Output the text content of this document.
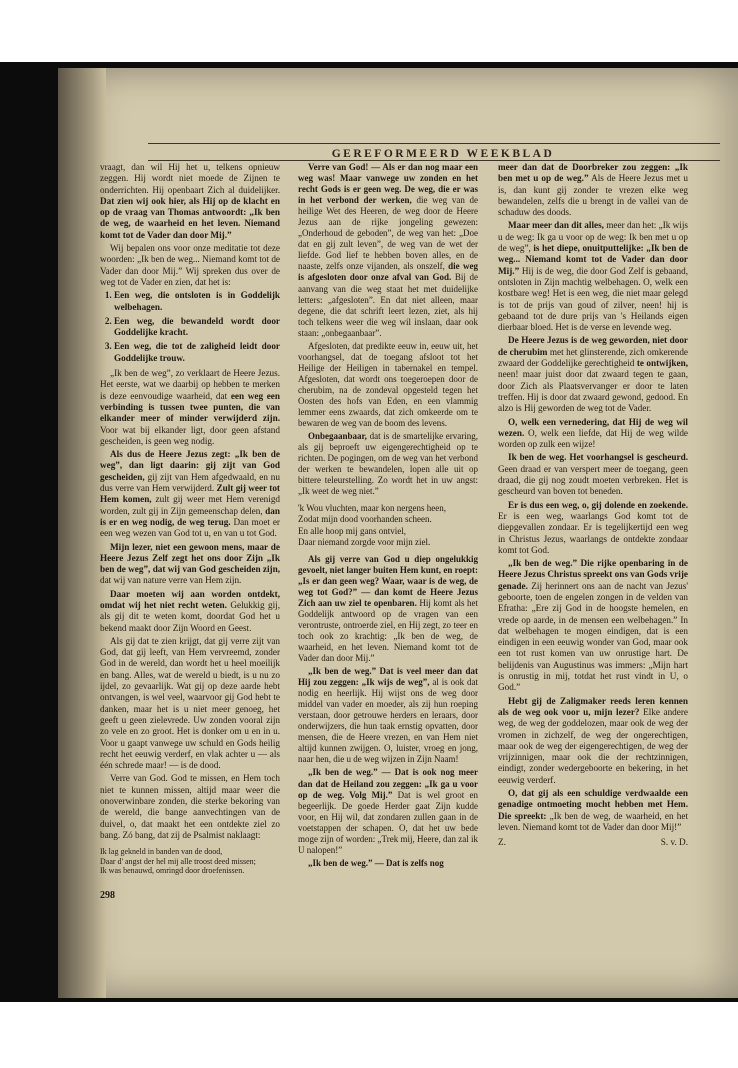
GEREFORMEERD WEEKBLAD

vraagt, dan wil Hij het u, telkens opnieuw zeggen. Hij wordt niet moede de Zijnen te onderrichten. Hij openbaart Zich al duidelijker. Dat zien wij ook hier, als Hij op de klacht en op de vraag van Thomas antwoordt: „Ik ben de weg, de waarheid en het leven. Niemand komt tot de Vader dan door Mij.”

Wij bepalen ons voor onze meditatie tot deze woorden: „Ik ben de weg... Niemand komt tot de Vader dan door Mij.” Wij spreken dus over de weg tot de Vader en zien, dat het is:

1. Een weg, die ontsloten is in Goddelijk welbehagen.
2. Een weg, die bewandeld wordt door Goddelijke kracht.
3. Een weg, die tot de zaligheid leidt door Goddelijke trouw.

„Ik ben de weg”, zo verklaart de Heere Jezus. Het eerste, wat we daarbij op hebben te merken is deze eenvoudige waarheid, dat een weg een verbinding is tussen twee punten, die van elkander meer of minder verwijderd zijn. Voor wat bij elkander ligt, door geen afstand gescheiden, is geen weg nodig.

Als dus de Heere Jezus zegt: „Ik ben de weg”, dan ligt daarin: gij zijt van God gescheiden, gij zijt van Hem afgedwaald, en nu dus verre van Hem verwijderd. Zult gij weer tot Hem komen, zult gij weer met Hem verenigd worden, zult gij in Zijn gemeenschap delen, dan is er en weg nodig, de weg terug. Dan moet er een weg wezen van God tot u, en van u tot God.

Mijn lezer, niet een gewoon mens, maar de Heere Jezus Zelf zegt het ons door Zijn „Ik ben de weg”, dat wij van God gescheiden zijn, dat wij van nature verre van Hem zijn.

Daar moeten wij aan worden ontdekt, omdat wij het niet recht weten. Gelukkig gij, als gij dit te weten komt, doordat God het u bekend maakt door Zijn Woord en Geest.

Als gij dat te zien krijgt, dat gij verre zijt van God, dat gij leeft, van Hem vervreemd, zonder God in de wereld, dan wordt het u heel moeilijk en bang. Alles, wat de wereld u biedt, is u nu zo ijdel, zo gevaarlijk. Wat gij op deze aarde hebt ontvangen, is wel veel, waarvoor gij God hebt te danken, maar het is u niet meer genoeg, het geeft u geen zielevrede. Uw zonden vooral zijn zo vele en zo groot. Het is donker om u en in u. Voor u gaapt vanwege uw schuld en Gods heilig recht het eeuwig verderf, en vlak achter u — als één schrede maar! — is de dood.

Verre van God. God te missen, en Hem toch niet te kunnen missen, altijd maar weer die onoverwinbare zonden, die sterke bekoring van de wereld, die bange aanvechtingen van de duivel, o, dat maakt het een ontdekte ziel zo bang. Zó bang, dat zij de Psalmist naklaagt:

Ik lag gekneld in banden van de dood,
Daar d' angst der hel mij alle troost deed missen;
Ik was benauwd, omringd door droefenissen.

Verre van God! — Als er dan nog maar een weg was! Maar vanwege uw zonden en het recht Gods is er geen weg. De weg, die er was in het verbond der werken, die weg van de heilige Wet des Heeren, de weg door de Heere Jezus aan de rijke jongeling gewezen: „Onderhoud de geboden”, de weg van het: „Doe dat en gij zult leven”, de weg van de wet der liefde. God lief te hebben boven alles, en de naaste, zelfs onze vijanden, als onszelf, die weg is afgesloten door onze afval van God. Bij de aanvang van die weg staat het met duidelijke letters: „afgesloten”. En dat niet alleen, maar degene, die dat schrift leert lezen, ziet, als hij toch telkens weer die weg wil inslaan, daar ook staan: „onbegaanbaar”.

Afgesloten, dat predikte eeuw in, eeuw uit, het voorhangsel, dat de toegang afsloot tot het Heilige der Heiligen in tabernakel en tempel. Afgesloten, dat wordt ons toegeroepen door de cherubim, na de zondeval opgesteld tegen het Oosten des hofs van Eden, en een vlammig lemmer eens zwaards, dat zich omkeerde om te bewaren de weg van de boom des levens.

Onbegaanbaar, dat is de smartelijke ervaring, als gij beproeft uw eigengerechtigheid op te richten. De pogingen, om de weg van het verbond der werken te bewandelen, lopen alle uit op bittere teleurstelling. Zo wordt het in uw angst: „Ik weet de weg niet.”

'k Wou vluchten, maar kon nergens heen,
Zodat mijn dood voorhanden scheen.
En alle hoop mij gans ontviel,
Daar niemand zorgde voor mijn ziel.

Als gij verre van God u diep ongelukkig gevoelt, niet langer buiten Hem kunt, en roept: „Is er dan geen weg? Waar, waar is de weg, de weg tot God?” — dan komt de Heere Jezus Zich aan uw ziel te openbaren. Hij komt als het Goddelijk antwoord op de vragen van een verontruste, ontroerde ziel, en Hij zegt, zo teer en toch ook zo krachtig: „Ik ben de weg, de waarheid, en het leven. Niemand komt tot de Vader dan door Mij.”

„Ik ben de weg.” Dat is veel meer dan dat Hij zou zeggen: „Ik wijs de weg”, al is ook dat nodig en heerlijk. Hij wijst ons de weg door middel van vader en moeder, als zij hun roeping verstaan, door getrouwe herders en leraars, door onderwijzers, die hun taak ernstig opvatten, door mensen, die de Heere vrezen, en van Hem niet altijd kunnen zwijgen. O, luister, vroeg en jong, naar hen, die u de weg wijzen in Zijn Naam!

„Ik ben de weg.” — Dat is ook nog meer dan dat de Heiland zou zeggen: „Ik ga u voor op de weg. Volg Mij.” Dat is wel groot en begeerlijk. De goede Herder gaat Zijn kudde voor, en Hij wil, dat zondaren zullen gaan in de voetstappen der schapen. O, dat het uw bede moge zijn of worden: „Trek mij, Heere, dan zal ik U nalopen!”

„Ik ben de weg.” — Dat is zelfs nog

meer dan dat de Doorbreker zou zeggen: „Ik ben met u op de weg.” Als de Heere Jezus met u is, dan kunt gij zonder te vrezen elke weg bewandelen, zelfs die u brengt in de vallei van de schaduw des doods.

Maar meer dan dit alles, meer dan het: „Ik wijs u de weg: Ik ga u voor op de weg: Ik ben met u op de weg”, is het diepe, onuitputtelijke: „Ik ben de weg... Niemand komt tot de Vader dan door Mij.” Hij is de weg, die door God Zelf is gebaand, ontsloten in Zijn machtig welbehagen. O, welk een kostbare weg! Het is een weg, die niet maar gelegd is tot de prijs van goud of zilver, neen! hij is gebaand tot de dure prijs van 's Heilands eigen dierbaar bloed. Het is de verse en levende weg.

De Heere Jezus is de weg geworden, niet door de cherubim met het glinsterende, zich omkerende zwaard der Goddelijke gerechtigheid te ontwijken, neen! maar juist door dat zwaard tegen te gaan, door Zich als Plaatsvervanger er door te laten treffen. Hij is door dat zwaard gewond, gedood. En alzo is Hij geworden de weg tot de Vader.

O, welk een vernedering, dat Hij de weg wil wezen. O, welk een liefde, dat Hij de weg wilde worden op zulk een wijze!

Ik ben de weg. Het voorhangsel is gescheurd. Geen draad er van verspert meer de toegang, geen draad, die gij nog zoudt moeten verbreken. Het is gescheurd van boven tot beneden.

Er is dus een weg, o, gij dolende en zoekende. Er is een weg, waarlangs God komt tot de diepgevallen zondaar. Er is tegelijkertijd een weg in Christus Jezus, waarlangs de ontdekte zondaar komt tot God.

„Ik ben de weg.” Die rijke openbaring in de Heere Jezus Christus spreekt ons van Gods vrije genade. Zij herinnert ons aan de nacht van Jezus' geboorte, toen de engelen zongen in de velden van Efratha: „Ere zij God in de hoogste hemelen, en vrede op aarde, in de mensen een welbehagen.” In dat welbehagen te mogen eindigen, dat is een eindigen in een eeuwig wonder van God, maar ook een tot rust komen van uw onrustige hart. De belijdenis van Augustinus was immers: „Mijn hart is onrustig in mij, totdat het rust vindt in U, o God.”

Hebt gij de Zaligmaker reeds leren kennen als de weg ook voor u, mijn lezer? Elke andere weg, de weg der goddelozen, maar ook de weg der vromen in zichzelf, de weg der ongerechtigen, maar ook de weg der eigengerechtigen, de weg der vrijzinnigen, maar ook die der rechtzinnigen, eindigt, zonder wedergeboorte en bekering, in het eeuwig verderf.

O, dat gij als een schuldige verdwaalde een genadige ontmoeting mocht hebben met Hem. Die spreekt: „Ik ben de weg, de waarheid, en het leven. Niemand komt tot de Vader dan door Mij!”

Z.	S. v. D.
298
